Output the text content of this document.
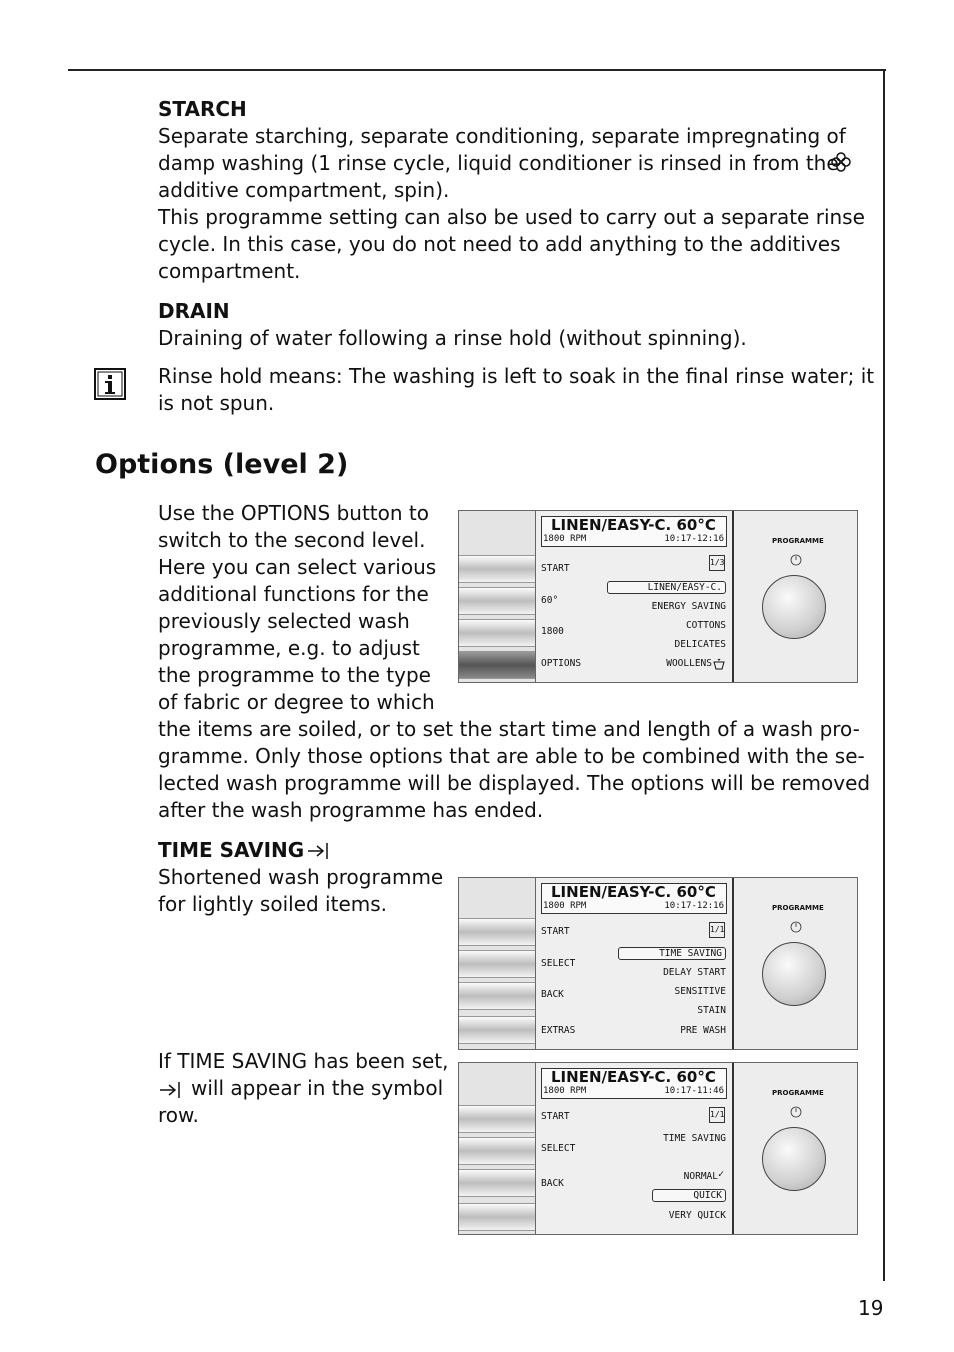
STARCH
Separate starching, separate conditioning, separate impregnating of
damp washing (1 rinse cycle, liquid conditioner is rinsed in from the
additive compartment, spin).
This programme setting can also be used to carry out a separate rinse
cycle. In this case, you do not need to add anything to the additives
compartment.
DRAIN
Draining of water following a rinse hold (without spinning).
Rinse hold means: The washing is left to soak in the final rinse water; it
is not spun.
Options (level 2)
Use the OPTIONS button to
switch to the second level.
Here you can select various
additional functions for the
previously selected wash
programme, e.g. to adjust
the programme to the type
of fabric or degree to which
the items are soiled, or to set the start time and length of a wash pro-
gramme. Only those options that are able to be combined with the se-
lected wash programme will be displayed. The options will be removed
after the wash programme has ended.
TIME SAVING
Shortened wash programme
for lightly soiled items.
If TIME SAVING has been set,
will appear in the symbol
row.
LINEN/EASY-C. 60°C
1800 RPM	10:17-12:16
1/3
START
60°
1800
OPTIONS
LINEN/EASY-C.
ENERGY SAVING
COTTONS
DELICATES
WOOLLENS
PROGRAMME
LINEN/EASY-C. 60°C
1800 RPM	10:17-12:16
1/1
START
SELECT
BACK
EXTRAS
TIME SAVING
DELAY START
SENSITIVE
STAIN
PRE WASH
PROGRAMME
LINEN/EASY-C. 60°C
1800 RPM	10:17-11:46
1/1
START
SELECT
BACK
TIME SAVING
NORMAL ✓
QUICK
VERY QUICK
PROGRAMME
19
